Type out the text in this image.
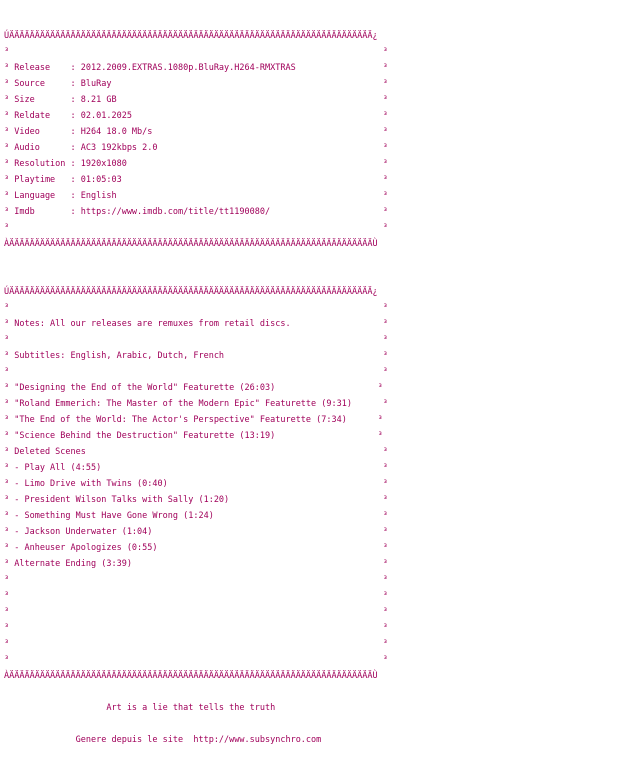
ÚÄÄÄÄÄÄÄÄÄÄÄÄÄÄÄÄÄÄÄÄÄÄÄÄÄÄÄÄÄÄÄÄÄÄÄÄÄÄÄÄÄÄÄÄÄÄÄÄÄÄÄÄÄÄÄÄÄÄÄÄÄÄÄÄÄÄÄÄÄÄÄ¿
³                                                                         ³
³ Release    : 2012.2009.EXTRAS.1080p.BluRay.H264-RMXTRAS                 ³
³ Source     : BluRay                                                     ³
³ Size       : 8.21 GB                                                    ³
³ Reldate    : 02.01.2025                                                 ³
³ Video      : H264 18.0 Mb/s                                             ³
³ Audio      : AC3 192kbps 2.0                                            ³
³ Resolution : 1920x1080                                                  ³
³ Playtime   : 01:05:03                                                   ³
³ Language   : English                                                    ³
³ Imdb       : https://www.imdb.com/title/tt1190080/                      ³
³                                                                         ³
ÀÄÄÄÄÄÄÄÄÄÄÄÄÄÄÄÄÄÄÄÄÄÄÄÄÄÄÄÄÄÄÄÄÄÄÄÄÄÄÄÄÄÄÄÄÄÄÄÄÄÄÄÄÄÄÄÄÄÄÄÄÄÄÄÄÄÄÄÄÄÄÄÙ
ÚÄÄÄÄÄÄÄÄÄÄÄÄÄÄÄÄÄÄÄÄÄÄÄÄÄÄÄÄÄÄÄÄÄÄÄÄÄÄÄÄÄÄÄÄÄÄÄÄÄÄÄÄÄÄÄÄÄÄÄÄÄÄÄÄÄÄÄÄÄÄÄ¿
³                                                                         ³
³ Notes: All our releases are remuxes from retail discs.                  ³
³                                                                         ³
³ Subtitles: English, Arabic, Dutch, French                               ³
³                                                                         ³
³ "Designing the End of the World" Featurette (26:03)                    ³
³ "Roland Emmerich: The Master of the Modern Epic" Featurette (9:31)      ³
³ "The End of the World: The Actor's Perspective" Featurette (7:34)      ³
³ "Science Behind the Destruction" Featurette (13:19)                    ³
³ Deleted Scenes                                                          ³
³ - Play All (4:55)                                                       ³
³ - Limo Drive with Twins (0:40)                                          ³
³ - President Wilson Talks with Sally (1:20)                              ³
³ - Something Must Have Gone Wrong (1:24)                                 ³
³ - Jackson Underwater (1:04)                                             ³
³ - Anheuser Apologizes (0:55)                                            ³
³ Alternate Ending (3:39)                                                 ³
³                                                                         ³
³                                                                         ³
³                                                                         ³
³                                                                         ³
³                                                                         ³
³                                                                         ³
ÀÄÄÄÄÄÄÄÄÄÄÄÄÄÄÄÄÄÄÄÄÄÄÄÄÄÄÄÄÄÄÄÄÄÄÄÄÄÄÄÄÄÄÄÄÄÄÄÄÄÄÄÄÄÄÄÄÄÄÄÄÄÄÄÄÄÄÄÄÄÄÄÙ
Art is a lie that tells the truth
Genere depuis le site  http://www.subsynchro.com
